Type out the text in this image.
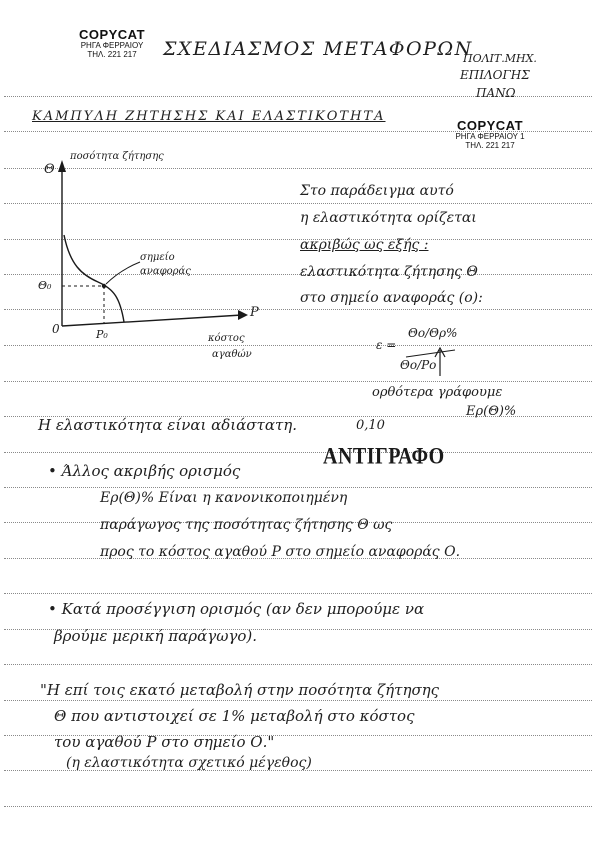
COPYCAT
ΡΗΓΑ ΦΕΡΡΑΙΟΥ
ΤΗΛ. 221 217	ΣΧΕΔΙΑΣΜΟΣ ΜΕΤΑΦΟΡΩΝ
ΠΟΛΙΤ.ΜΗΧ.
ΕΠΙΛΟΓΗΣ
ΠΑΝΩ
ΚΑΜΠΥΛΗ ΖΗΤΗΣΗΣ ΚΑΙ ΕΛΑΣΤΙΚΟΤΗΤΑ
COPYCAT
ΡΗΓΑ ΦΕΡΡΑΙΟΥ 1
ΤΗΛ. 221 217
Θ
ποσότητα ζήτησης
P
κόστος
αγαθών
0
σημείο
αναφοράς
Θ₀
P₀
Στο παράδειγμα αυτό
η ελαστικότητα ορίζεται
ακριβώς ως εξής :
ελαστικότητα ζήτησης Θ
στο σημείο αναφοράς (ο):
ε =
Θο/Θρ%
Θο/Ρο
ορθότερα γράφουμε
Ερ(Θ)%
Η ελαστικότητα είναι αδιάστατη.	0,10
ΑΝΤΙΓΡΑΦΟ
• Άλλος ακριβής ορισμός
Ερ(Θ)% Είναι η κανονικοποιημένη
παράγωγος της ποσότητας ζήτησης Θ ως
προς το κόστος αγαθού P στο σημείο αναφοράς Ο.
• Κατά προσέγγιση ορισμός (αν δεν μπορούμε να
βρούμε μερική παράγωγο).
"Η επί τοις εκατό μεταβολή στην ποσότητα ζήτησης
Θ που αντιστοιχεί σε 1% μεταβολή στο κόστος
του αγαθού P στο σημείο Ο."
(η ελαστικότητα σχετικό μέγεθος)
